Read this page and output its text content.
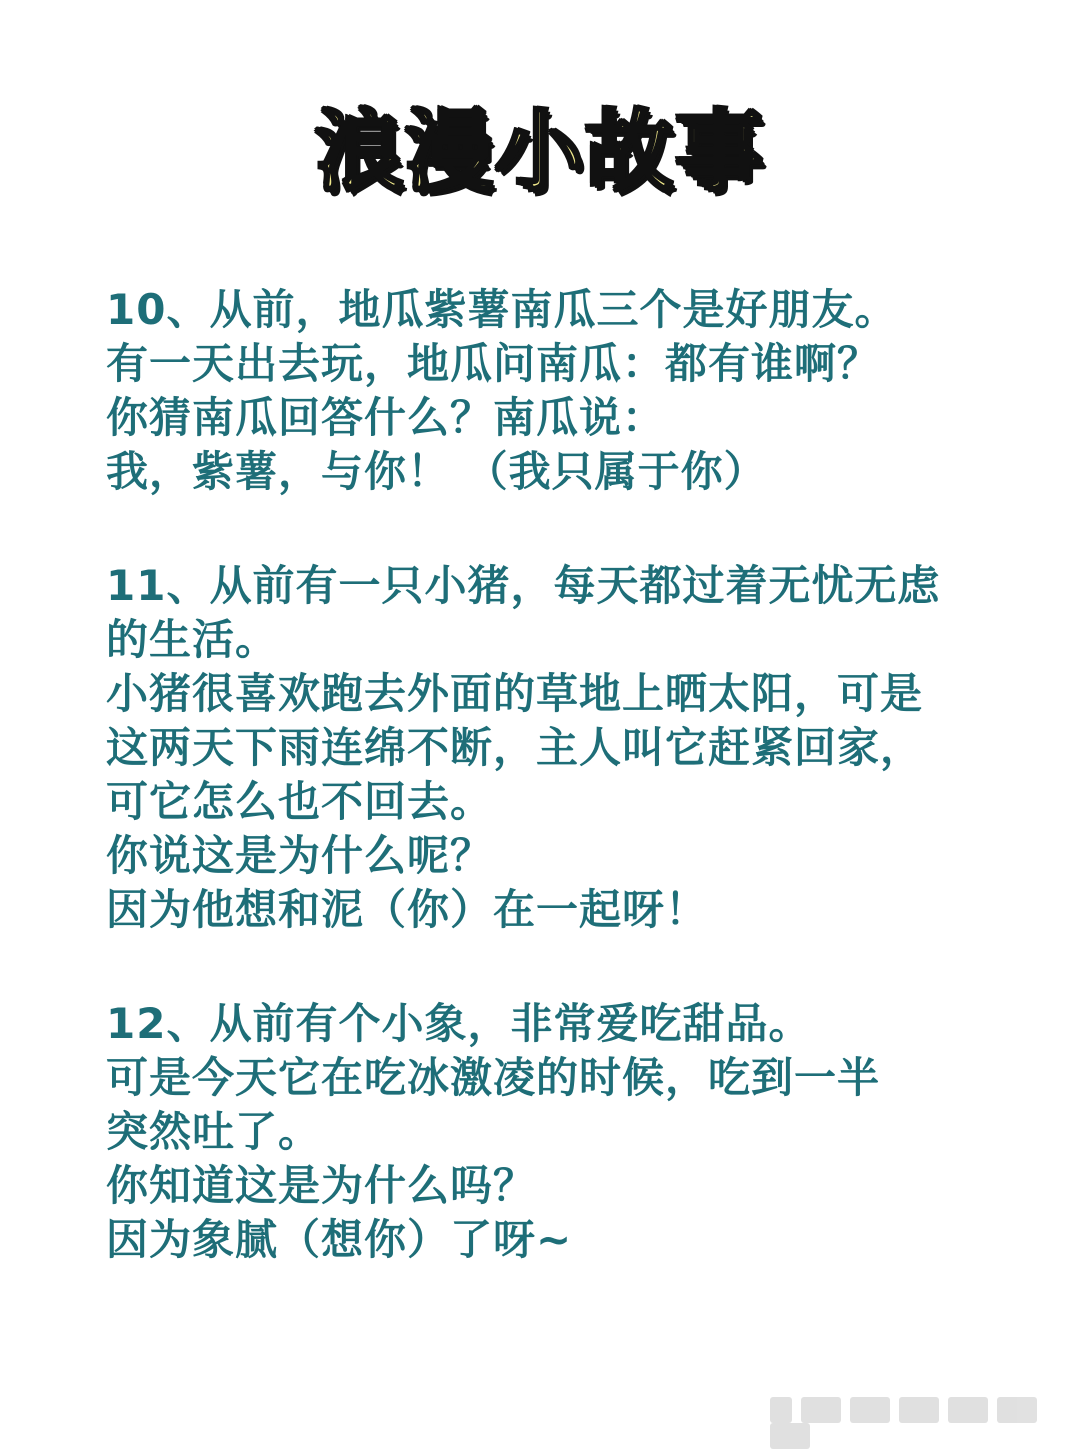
浪漫小故事
10、从前，地瓜紫薯南瓜三个是好朋友。
有一天出去玩，地瓜问南瓜：都有谁啊？
你猜南瓜回答什么？南瓜说：
我，紫薯，与你！ （我只属于你）
11、从前有一只小猪，每天都过着无忧无虑
的生活。
小猪很喜欢跑去外面的草地上晒太阳，可是
这两天下雨连绵不断，主人叫它赶紧回家，
可它怎么也不回去。
你说这是为什么呢？
因为他想和泥（你）在一起呀！
12、从前有个小象，非常爱吃甜品。
可是今天它在吃冰激凌的时候，吃到一半
突然吐了。
你知道这是为什么吗？
因为象腻（想你）了呀~
